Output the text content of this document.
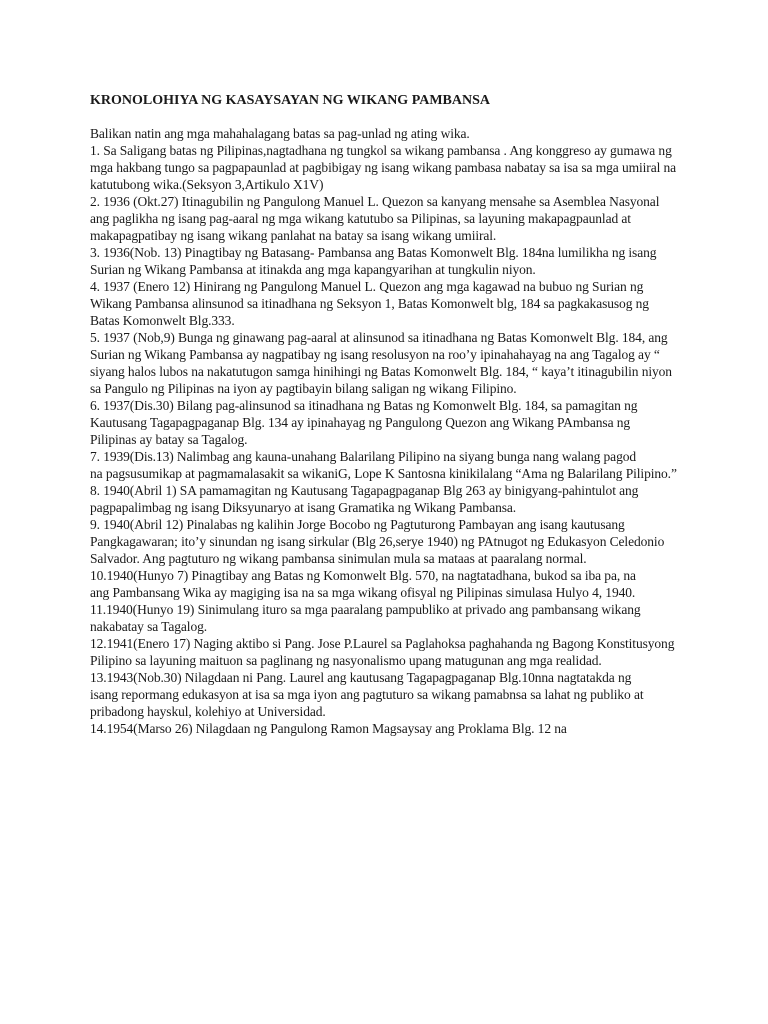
KRONOLOHIYA NG KASAYSAYAN NG WIKANG PAMBANSA

Balikan natin ang mga mahahalagang batas sa pag-unlad ng ating wika.

1. Sa Saligang batas ng Pilipinas,nagtadhana ng tungkol sa wikang pambansa . Ang konggreso ay gumawa ng mga hakbang tungo sa pagpapaunlad at pagbibigay ng isang wikang pambasa nabatay sa isa sa mga umiiral na katutubong wika.(Seksyon 3,Artikulo X1V)

2. 1936 (Okt.27) Itinagubilin ng Pangulong Manuel L. Quezon sa kanyang mensahe sa Asemblea Nasyonal ang paglikha ng isang pag-aaral ng mga wikang katutubo sa Pilipinas, sa layuning makapagpaunlad at makapagpatibay ng isang wikang panlahat na batay sa isang wikang umiiral.

3. 1936(Nob. 13) Pinagtibay ng Batasang- Pambansa ang Batas Komonwelt Blg. 184na lumilikha ng isang Surian ng Wikang Pambansa at itinakda ang mga kapangyarihan at tungkulin niyon.

4. 1937 (Enero 12) Hinirang ng Pangulong Manuel L. Quezon ang mga kagawad na bubuo ng Surian ng Wikang Pambansa alinsunod sa itinadhana ng Seksyon 1, Batas Komonwelt blg, 184 sa pagkakasusog ng Batas Komonwelt Blg.333.

5. 1937 (Nob,9) Bunga ng ginawang pag-aaral at alinsunod sa itinadhana ng Batas Komonwelt Blg. 184, ang Surian ng Wikang Pambansa ay nagpatibay ng isang resolusyon na roo’y ipinahahayag na ang Tagalog ay “ siyang halos lubos na nakatutugon samga hinihingi ng Batas Komonwelt Blg. 184, “ kaya’t itinagubilin niyon sa Pangulo ng Pilipinas na iyon ay pagtibayin bilang saligan ng wikang Filipino.

6. 1937(Dis.30) Bilang pag-alinsunod sa itinadhana ng Batas ng Komonwelt Blg. 184, sa pamagitan ng
Kautusang Tagapagpaganap Blg. 134 ay ipinahayag ng Pangulong Quezon ang Wikang PAmbansa ng Pilipinas ay batay sa Tagalog.

7. 1939(Dis.13) Nalimbag ang kauna-unahang Balarilang Pilipino na siyang bunga nang walang pagod
na pagsusumikap at pagmamalasakit sa wikaniG, Lope K Santosna kinikilalang “Ama ng Balarilang Pilipino.”

8. 1940(Abril 1) SA pamamagitan ng Kautusang Tagapagpaganap Blg 263 ay binigyang-pahintulot ang pagpapalimbag ng isang Diksyunaryo at isang Gramatika ng Wikang Pambansa.

9. 1940(Abril 12) Pinalabas ng kalihin Jorge Bocobo ng Pagtuturong Pambayan ang isang kautusang Pangkagawaran; ito’y sinundan ng isang sirkular (Blg 26,serye 1940) ng PAtnugot ng Edukasyon Celedonio Salvador. Ang pagtuturo ng wikang pambansa sinimulan mula sa mataas at paaralang normal.

10.1940(Hunyo 7) Pinagtibay ang Batas ng Komonwelt Blg. 570, na nagtatadhana, bukod sa iba pa, na
ang Pambansang Wika ay magiging isa na sa mga wikang ofisyal ng Pilipinas simulasa Hulyo 4, 1940.

11.1940(Hunyo 19) Sinimulang ituro sa mga paaralang pampubliko at privado ang pambansang wikang
nakabatay sa Tagalog.

12.1941(Enero 17) Naging aktibo si Pang. Jose P.Laurel sa Paglahoksa paghahanda ng Bagong Konstitusyong Pilipino sa layuning maituon sa paglinang ng nasyonalismo upang matugunan ang mga realidad.

13.1943(Nob.30) Nilagdaan ni Pang. Laurel ang kautusang Tagapagpaganap Blg.10nna nagtatakda ng
isang repormang edukasyon at isa sa mga iyon ang pagtuturo sa wikang pamabnsa sa lahat ng publiko at pribadong hayskul, kolehiyo at Universidad.

14.1954(Marso 26) Nilagdaan ng Pangulong Ramon Magsaysay ang Proklama Blg. 12 na
